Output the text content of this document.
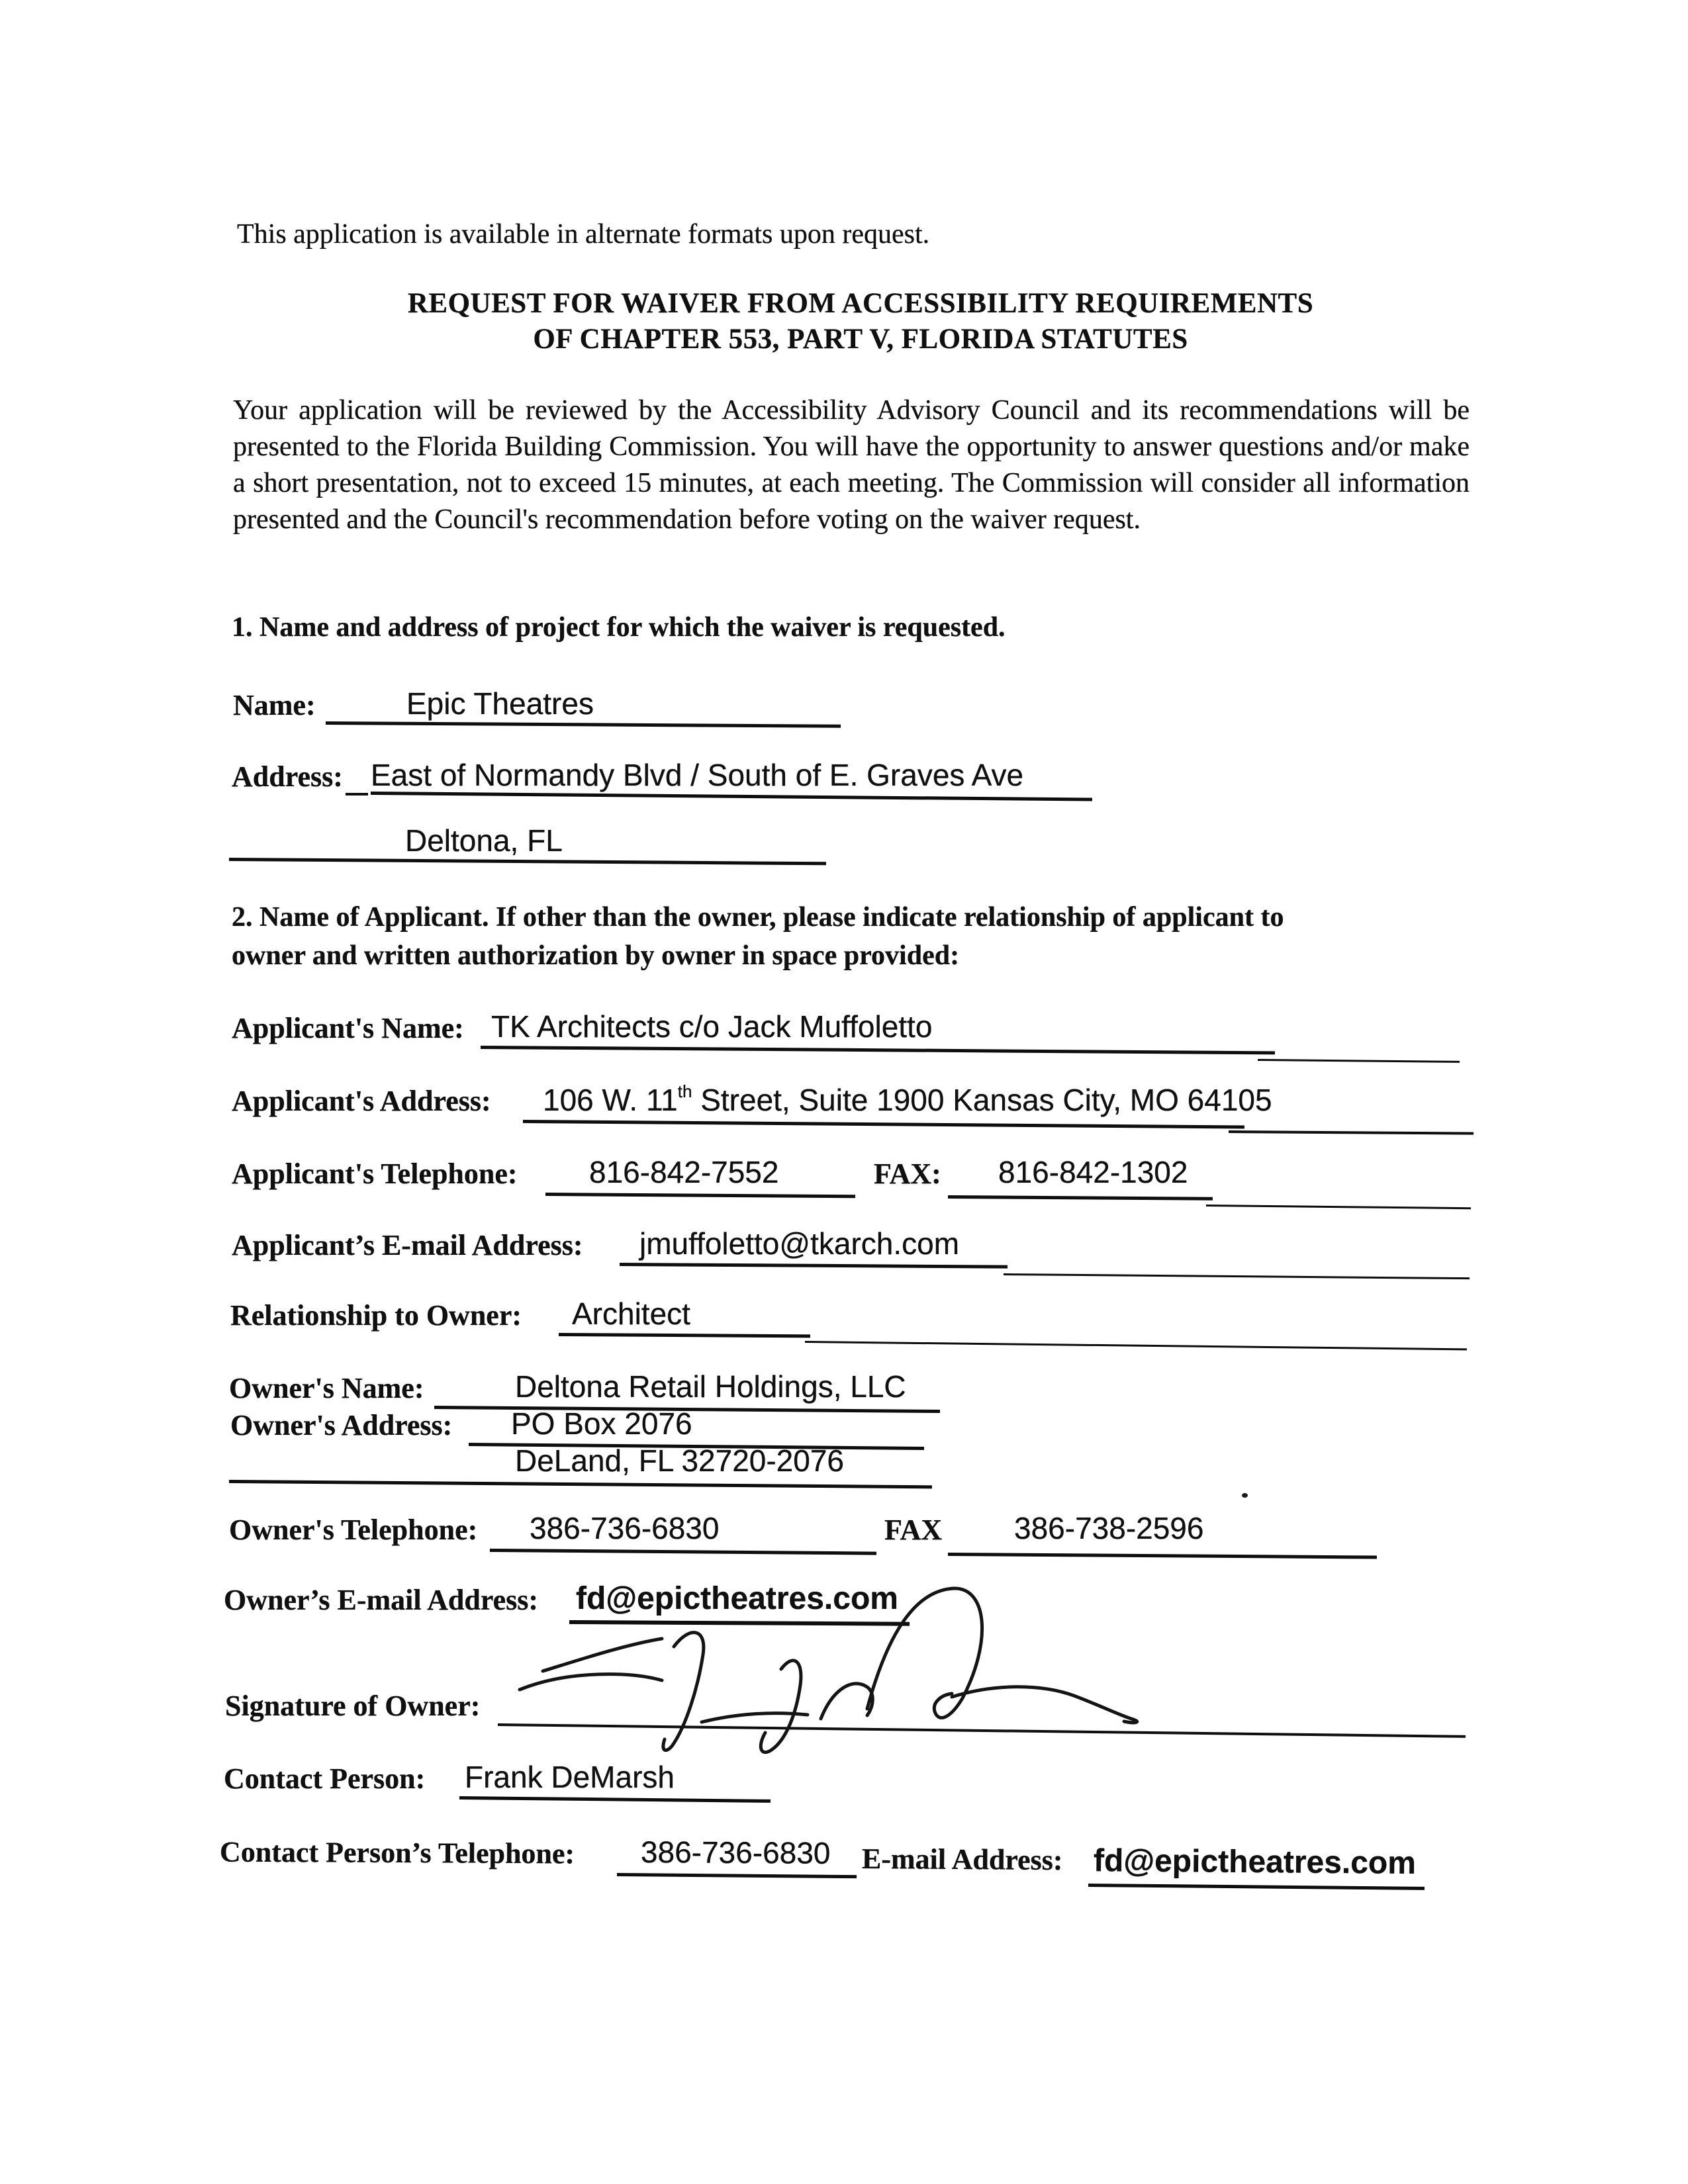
This application is available in alternate formats upon request.
REQUEST FOR WAIVER FROM ACCESSIBILITY REQUIREMENTS
OF CHAPTER 553, PART V, FLORIDA STATUTES
Your application will be reviewed by the Accessibility Advisory Council and its recommendations will be presented to the Florida Building Commission. You will have the opportunity to answer questions and/or make a short presentation, not to exceed 15 minutes, at each meeting. The Commission will consider all information presented and the Council's recommendation before voting on the waiver request.
1. Name and address of project for which the waiver is requested.
Name:	Epic Theatres
Address: East of Normandy Blvd / South of E. Graves Ave
Deltona, FL
2. Name of Applicant. If other than the owner, please indicate relationship of applicant to
owner and written authorization by owner in space provided:
Applicant's Name: TK Architects c/o Jack Muffoletto
Applicant's Address: 106 W. 11th Street, Suite 1900 Kansas City, MO 64105
Applicant's Telephone: 816-842-7552	FAX: 816-842-1302
Applicant’s E-mail Address: jmuffoletto@tkarch.com
Relationship to Owner: Architect
Owner's Name:	Deltona Retail Holdings, LLC
Owner's Address: PO Box 2076
DeLand, FL 32720-2076
Owner's Telephone: 386-736-6830	FAX 386-738-2596
Owner’s E-mail Address: fd@epictheatres.com
Signature of Owner:
Contact Person: Frank DeMarsh
Contact Person’s Telephone: 386-736-6830 E-mail Address: fd@epictheatres.com
